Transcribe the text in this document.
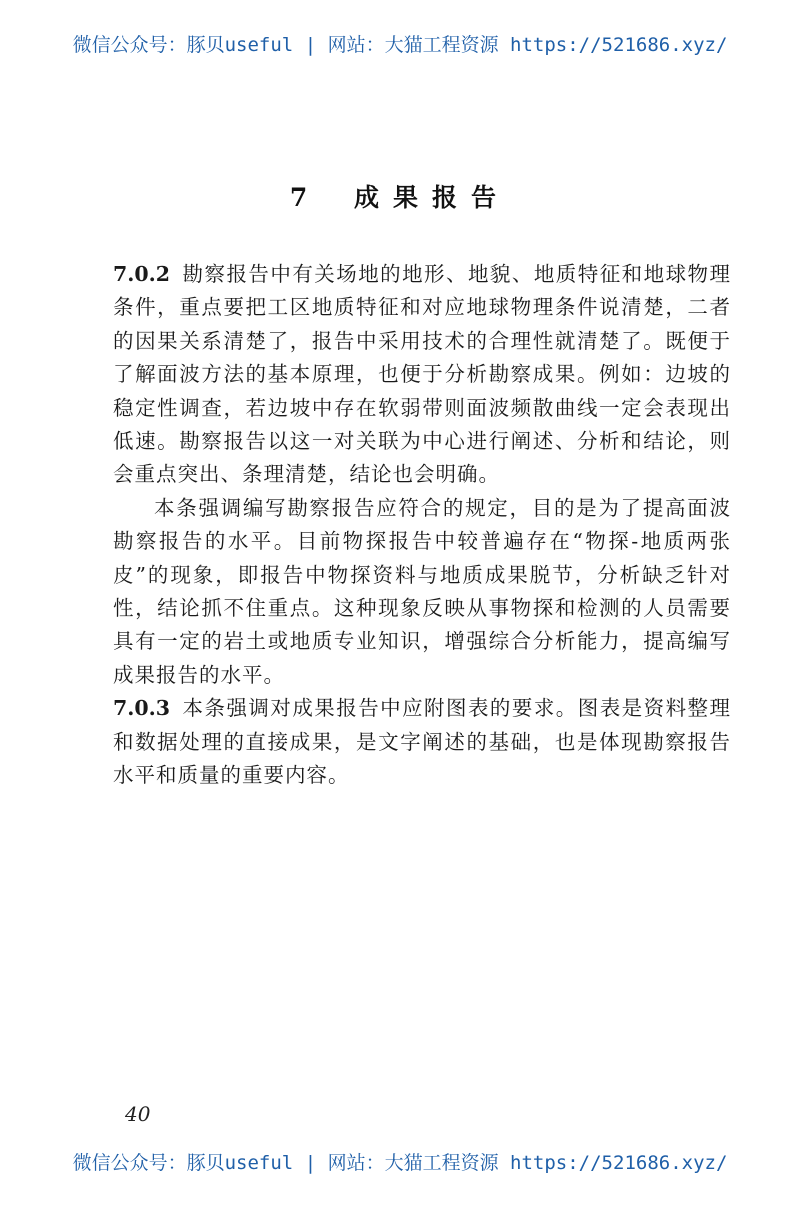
微信公众号：豚贝useful | 网站：大猫工程资源 https://521686.xyz/
7 成果报告

7.0.2 勘察报告中有关场地的地形、地貌、地质特征和地球物理条件，重点要把工区地质特征和对应地球物理条件说清楚，二者的因果关系清楚了，报告中采用技术的合理性就清楚了。既便于了解面波方法的基本原理，也便于分析勘察成果。例如：边坡的稳定性调查，若边坡中存在软弱带则面波频散曲线一定会表现出低速。勘察报告以这一对关联为中心进行阐述、分析和结论，则会重点突出、条理清楚，结论也会明确。

本条强调编写勘察报告应符合的规定，目的是为了提高面波勘察报告的水平。目前物探报告中较普遍存在“物探-地质两张皮”的现象，即报告中物探资料与地质成果脱节，分析缺乏针对性，结论抓不住重点。这种现象反映从事物探和检测的人员需要具有一定的岩土或地质专业知识，增强综合分析能力，提高编写成果报告的水平。

7.0.3 本条强调对成果报告中应附图表的要求。图表是资料整理和数据处理的直接成果，是文字阐述的基础，也是体现勘察报告水平和质量的重要内容。

40
微信公众号：豚贝useful | 网站：大猫工程资源 https://521686.xyz/
